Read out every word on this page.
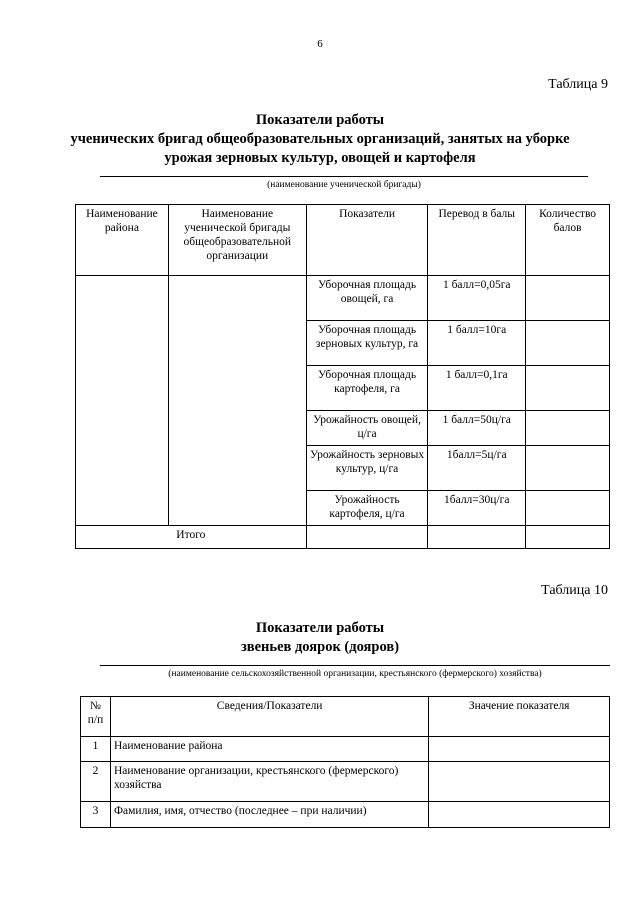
6
Таблица 9
Показатели работы
ученических бригад общеобразовательных организаций, занятых на уборке
урожая зерновых культур, овощей и картофеля
(наименование ученической бригады)
Наименование района	Наименование ученической бригады общеобразовательной организации	Показатели	Перевод в балы	Количество балов
		Уборочная площадь овощей, га	1 балл=0,05га	
		Уборочная площадь зерновых культур, га	1 балл=10га	
		Уборочная площадь картофеля, га	1 балл=0,1га	
		Урожайность овощей, ц/га	1 балл=50ц/га	
		Урожайность зерновых культур, ц/га	1балл=5ц/га	
		Урожайность картофеля, ц/га	1балл=30ц/га	
Итого				
Таблица 10
Показатели работы
звеньев доярок (дояров)
(наименование сельскохозяйственной организации, крестьянского (фермерского) хозяйства)
№ п/п	Сведения/Показатели	Значение показателя
1	Наименование района	
2	Наименование организации, крестьянского (фермерского) хозяйства	
3	Фамилия, имя, отчество (последнее – при наличии)	
